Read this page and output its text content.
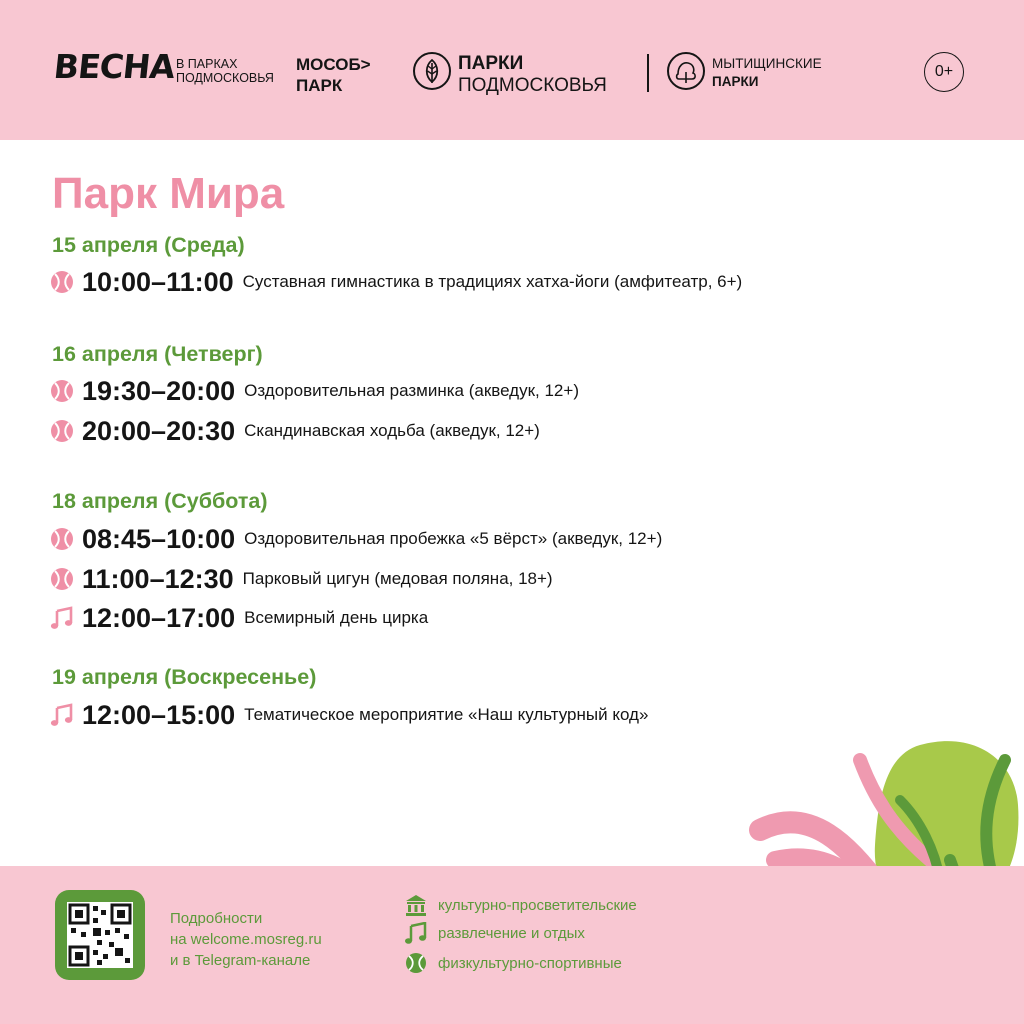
ВЕСНА В ПАРКАХ
ПОДМОСКОВЬЯ
МОСОБ>
ПАРК
ПАРКИ
ПОДМОСКОВЬЯ
МЫТИЩИНСКИЕ
ПАРКИ
0+
Парк Мира
15 апреля (Среда)
10:00–11:00 Суставная гимнастика в традициях хатха-йоги (амфитеатр, 6+)
16 апреля (Четверг)
19:30–20:00 Оздоровительная разминка (акведук, 12+)
20:00–20:30 Скандинавская ходьба (акведук, 12+)
18 апреля (Суббота)
08:45–10:00 Оздоровительная пробежка «5 вёрст» (акведук, 12+)
11:00–12:30 Парковый цигун (медовая поляна, 18+)
12:00–17:00 Всемирный день цирка
19 апреля (Воскресенье)
12:00–15:00 Тематическое мероприятие «Наш культурный код»
Подробности
на welcome.mosreg.ru
и в Telegram-канале
культурно-просветительские
развлечение и отдых
физкультурно-спортивные
